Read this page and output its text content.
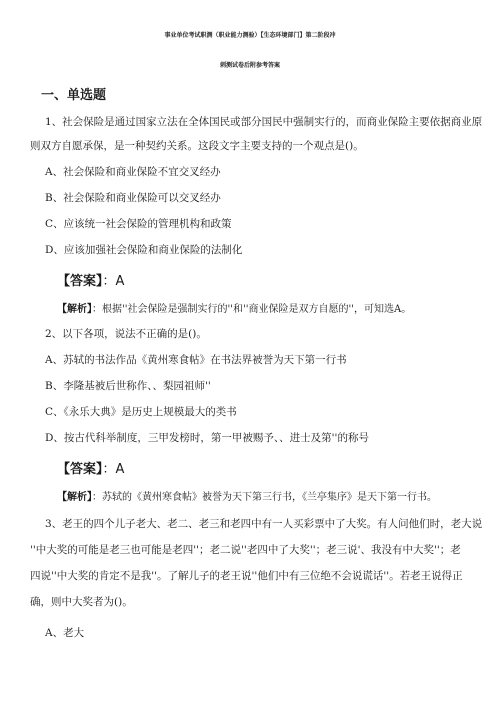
事业单位考试职测（职业能力测验）【生态环境部门】第二阶段冲
刺测试卷后附参考答案
一、单选题
1、社会保险是通过国家立法在全体国民或部分国民中强制实行的，而商业保险主要依据商业原
则双方自愿承保，是一种契约关系。这段文字主要支持的一个观点是()。
A、社会保险和商业保险不宜交叉经办
B、社会保险和商业保险可以交叉经办
C、应该统一社会保险的管理机构和政策
D、应该加强社会保险和商业保险的法制化
【答案】：A
【解析】：根据''社会保险是强制实行的''和''商业保险是双方自愿的''，可知选A。
2、以下各项，说法不正确的是()。
A、苏轼的书法作品《黄州寒食帖》在书法界被誉为天下第一行书
B、李隆基被后世称作、、梨园祖师''
C、《永乐大典》是历史上规模最大的类书
D、按古代科举制度，三甲发榜时，第一甲被赐予、、进士及第''的称号
【答案】：A
【解析】：苏轼的《黄州寒食帖》被誉为天下第三行书，《兰亭集序》是天下第一行书。
3、老王的四个儿子老大、老二、老三和老四中有一人买彩票中了大奖。有人问他们时，老大说
''中大奖的可能是老三也可能是老四''；老二说''老四中了大奖''；老三说'、我没有中大奖''；老
四说''中大奖的肯定不是我''。了解儿子的老王说''他们中有三位绝不会说谎话''。若老王说得正
确，则中大奖者为()。
A、老大
